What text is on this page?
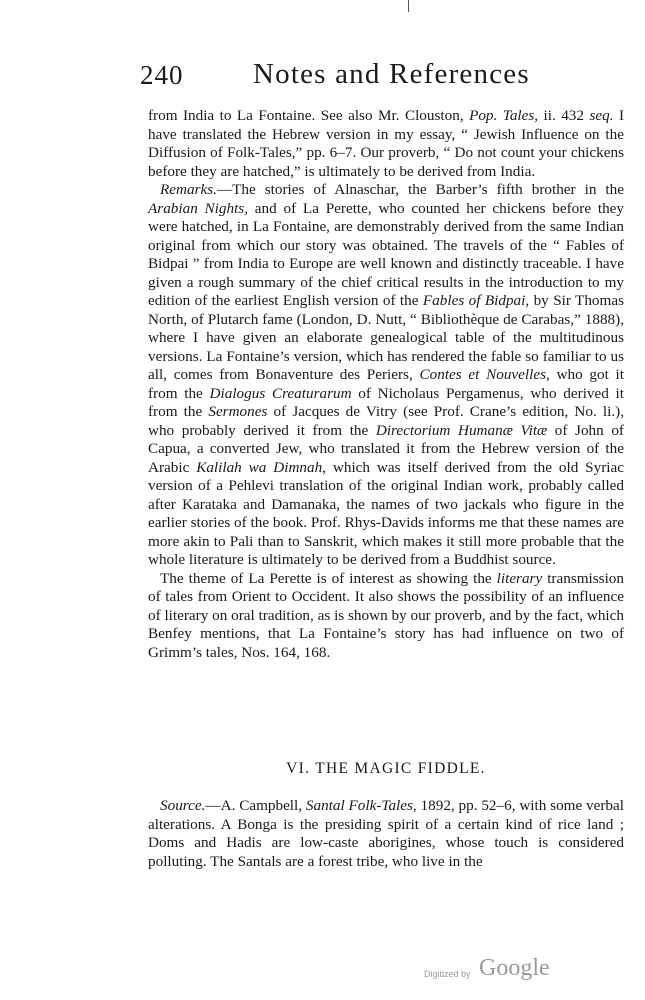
240 Notes and References

from India to La Fontaine. See also Mr. Clouston, Pop. Tales, ii. 432 seq. I have translated the Hebrew version in my essay, “ Jewish Influence on the Diffusion of Folk-Tales,” pp. 6–7. Our proverb, “ Do not count your chickens before they are hatched,” is ultimately to be derived from India.

Remarks.—The stories of Alnaschar, the Barber’s fifth brother in the Arabian Nights, and of La Perette, who counted her chickens before they were hatched, in La Fontaine, are demonstrably derived from the same Indian original from which our story was obtained. The travels of the “ Fables of Bidpai ” from India to Europe are well known and distinctly traceable. I have given a rough summary of the chief critical results in the introduction to my edition of the earliest English version of the Fables of Bidpai, by Sir Thomas North, of Plutarch fame (London, D. Nutt, “ Bibliothèque de Carabas,” 1888), where I have given an elaborate genealogical table of the multitudinous versions. La Fontaine’s version, which has rendered the fable so familiar to us all, comes from Bonaventure des Periers, Contes et Nouvelles, who got it from the Dialogus Creaturarum of Nicholaus Pergamenus, who derived it from the Sermones of Jacques de Vitry (see Prof. Crane’s edition, No. li.), who probably derived it from the Directorium Humanæ Vitæ of John of Capua, a converted Jew, who translated it from the Hebrew version of the Arabic Kalilah wa Dimnah, which was itself derived from the old Syriac version of a Pehlevi translation of the original Indian work, probably called after Karataka and Damanaka, the names of two jackals who figure in the earlier stories of the book. Prof. Rhys-Davids informs me that these names are more akin to Pali than to Sanskrit, which makes it still more probable that the whole literature is ultimately to be derived from a Buddhist source.

The theme of La Perette is of interest as showing the literary transmission of tales from Orient to Occident. It also shows the possibility of an influence of literary on oral tradition, as is shown by our proverb, and by the fact, which Benfey mentions, that La Fontaine’s story has had influence on two of Grimm’s tales, Nos. 164, 168.

VI. THE MAGIC FIDDLE.

Source.—A. Campbell, Santal Folk-Tales, 1892, pp. 52–6, with some verbal alterations. A Bonga is the presiding spirit of a certain kind of rice land ; Doms and Hadis are low-caste aborigines, whose touch is considered polluting. The Santals are a forest tribe, who live in the

Digitized by Google
